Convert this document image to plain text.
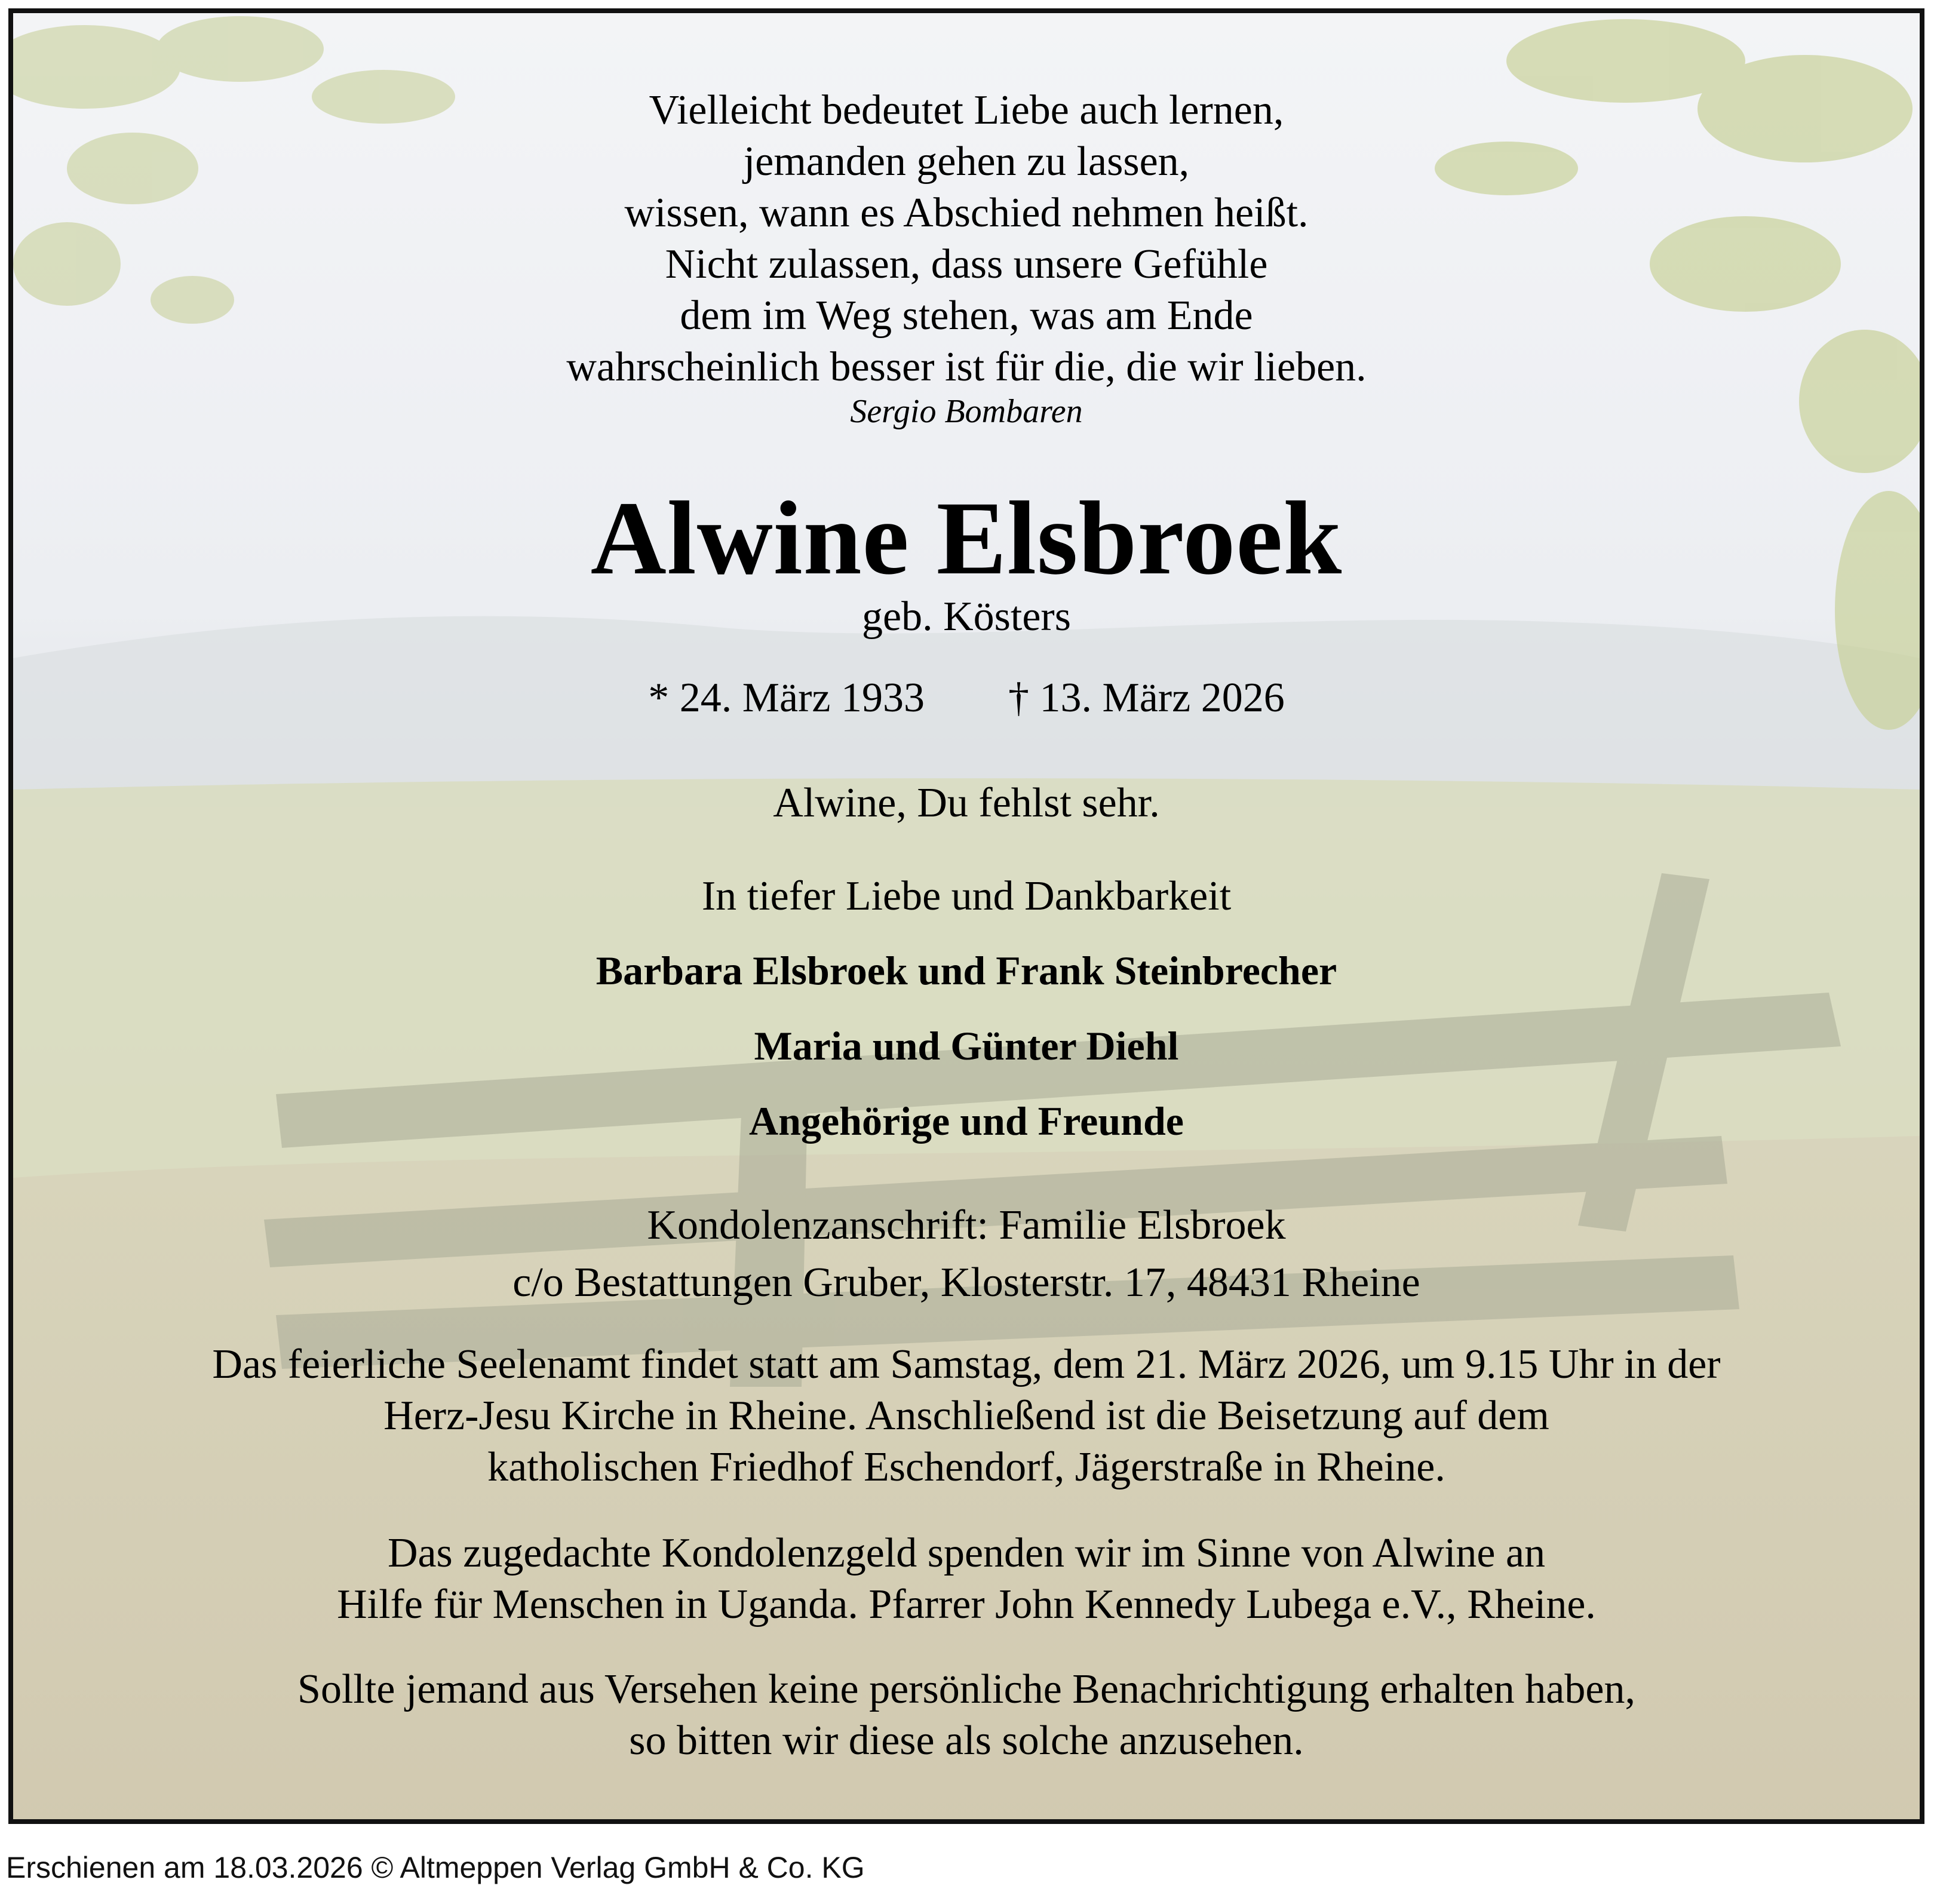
Vielleicht bedeutet Liebe auch lernen,
jemanden gehen zu lassen,
wissen, wann es Abschied nehmen heißt.
Nicht zulassen, dass unsere Gefühle
dem im Weg stehen, was am Ende
wahrscheinlich besser ist für die, die wir lieben.
Sergio Bombaren
Alwine Elsbroek
geb. Kösters
* 24. März 1933 † 13. März 2026
Alwine, Du fehlst sehr.
In tiefer Liebe und Dankbarkeit
Barbara Elsbroek und Frank Steinbrecher
Maria und Günter Diehl
Angehörige und Freunde
Kondolenzanschrift: Familie Elsbroek
c/o Bestattungen Gruber, Klosterstr. 17, 48431 Rheine
Das feierliche Seelenamt findet statt am Samstag, dem 21. März 2026, um 9.15 Uhr in der
Herz-Jesu Kirche in Rheine. Anschließend ist die Beisetzung auf dem
katholischen Friedhof Eschendorf, Jägerstraße in Rheine.
Das zugedachte Kondolenzgeld spenden wir im Sinne von Alwine an
Hilfe für Menschen in Uganda. Pfarrer John Kennedy Lubega e.V., Rheine.
Sollte jemand aus Versehen keine persönliche Benachrichtigung erhalten haben,
so bitten wir diese als solche anzusehen.
Erschienen am 18.03.2026 © Altmeppen Verlag GmbH & Co. KG
